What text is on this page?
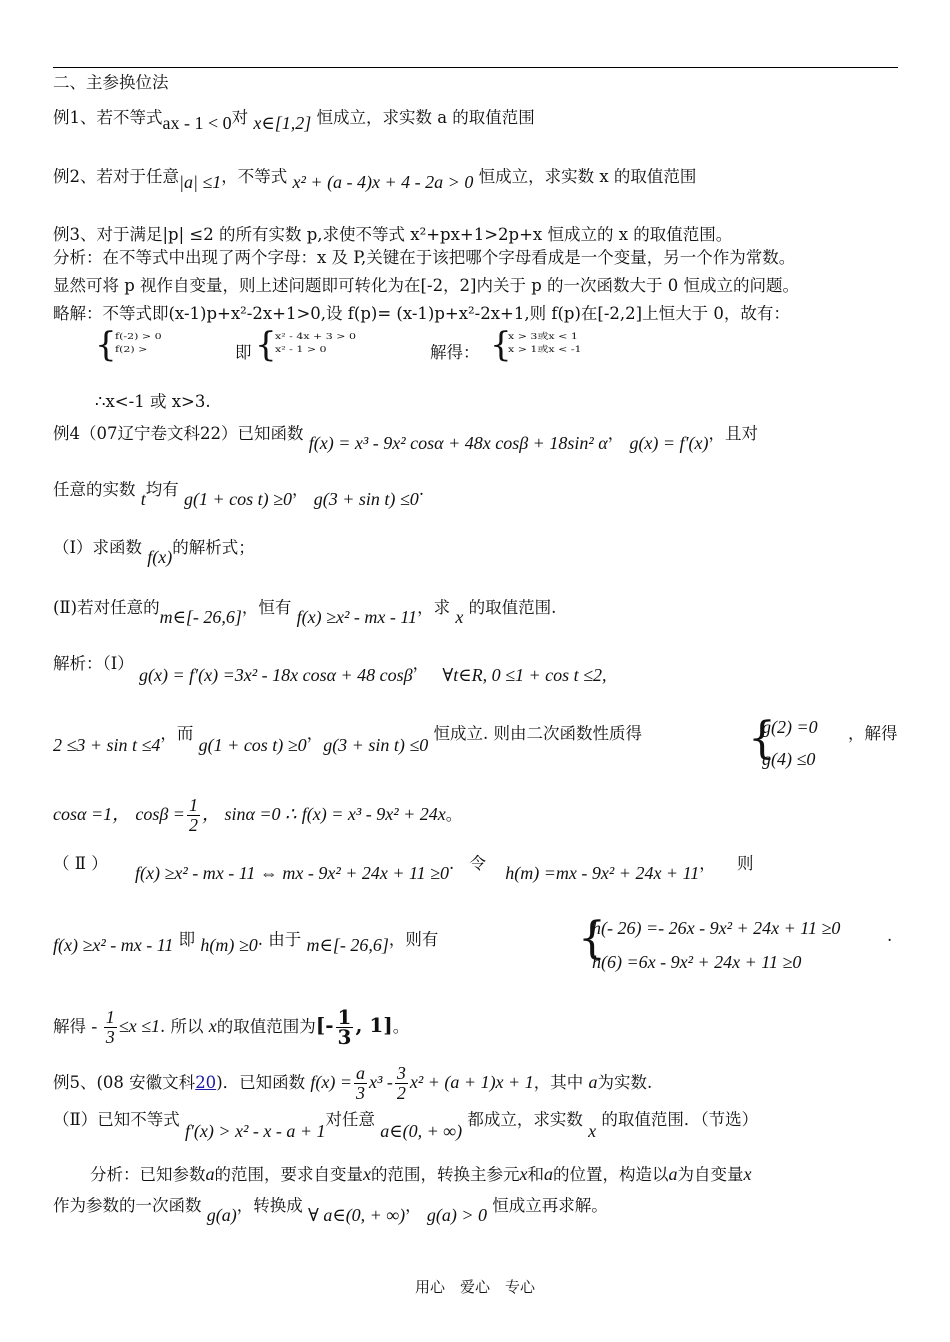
二、主参换位法
例1、若不等式ax - 1 < 0对 x∈[1,2] 恒成立，求实数 a 的取值范围
例2、若对于任意|a| ≤1，不等式 x² + (a - 4)x + 4 - 2a > 0 恒成立，求实数 x 的取值范围
例3、对于满足|p| ≤2 的所有实数 p,求使不等式 x²+px+1>2p+x 恒成立的 x 的取值范围。
分析：在不等式中出现了两个字母：x 及 P,关键在于该把哪个字母看成是一个变量，另一个作为常数。
显然可将 p 视作自变量，则上述问题即可转化为在[-2，2]内关于 p 的一次函数大于 0 恒成立的问题。
略解：不等式即(x-1)p+x²-2x+1>0,设 f(p)= (x-1)p+x²-2x+1,则 f(p)在[-2,2]上恒大于 0，故有：
{
f(-2) > 0
f(2) >	即 {
x² - 4x + 3 > 0
x² - 1 > 0	解得： {
x > 3或x < 1
x > 1或x < -1
∴x<-1 或 x>3.
例4（07辽宁卷文科22）已知函数 f(x) = x³ - 9x² cosα + 48x cosβ + 18sin² α， g(x) = f′(x)，且对
任意的实数 t均有 g(1 + cos t) ≥0， g(3 + sin t) ≤0.
（Ⅰ）求函数 f(x)的解析式；
(Ⅱ)若对任意的m∈[- 26,6]，恒有 f(x) ≥x² - mx - 11，求 x 的取值范围.
解析：（Ⅰ） g(x) = f′(x) =3x² - 18x cosα + 48 cosβ， ∀t∈R, 0 ≤1 + cos t ≤2,
2 ≤3 + sin t ≤4，而 g(1 + cos t) ≥0，g(3 + sin t) ≤0 恒成立. 则由二次函数性质得 {
g(2) =0
g(4) ≤0
，解得
cosα =1， $\cos\beta = \frac{1}{2}$ ， sinα =0 ∴ f(x) = x³ - 9x² + 24x。
（ Ⅱ ） f(x) ≥x² - mx - 11 ⇔ mx - 9x² + 24x + 11 ≥0. 令 h(m) =mx - 9x² + 24x + 11， 则
f(x) ≥x² - mx - 11 即 h(m) ≥0. 由于 m∈[- 26,6]，则有	{
h(- 26) =- 26x - 9x² + 24x + 11 ≥0
h(6) =6x - 9x² + 24x + 11 ≥0
.
解得 - $\frac{1}{3} \le x \le 1$. 所以 x的取值范围为[- $\frac{1}{3}$ , 1]。
例5、(08 安徽文科20)．已知函数 $f(x) = \frac{a}{3} x^3 - \frac{3}{2} x^2 + (a + 1)x + 1$，其中 a为实数.
（Ⅱ）已知不等式 f′(x) > x² - x - a + 1对任意 a∈(0, + ∞) 都成立，求实数 x 的取值范围．（节选）
分析：已知参数a的范围，要求自变量x的范围，转换主参元x和a的位置，构造以a为自变量x
作为参数的一次函数 g(a)，转换成 ∀ a∈(0, + ∞)， g(a) > 0 恒成立再求解。
用心　爱心　专心
